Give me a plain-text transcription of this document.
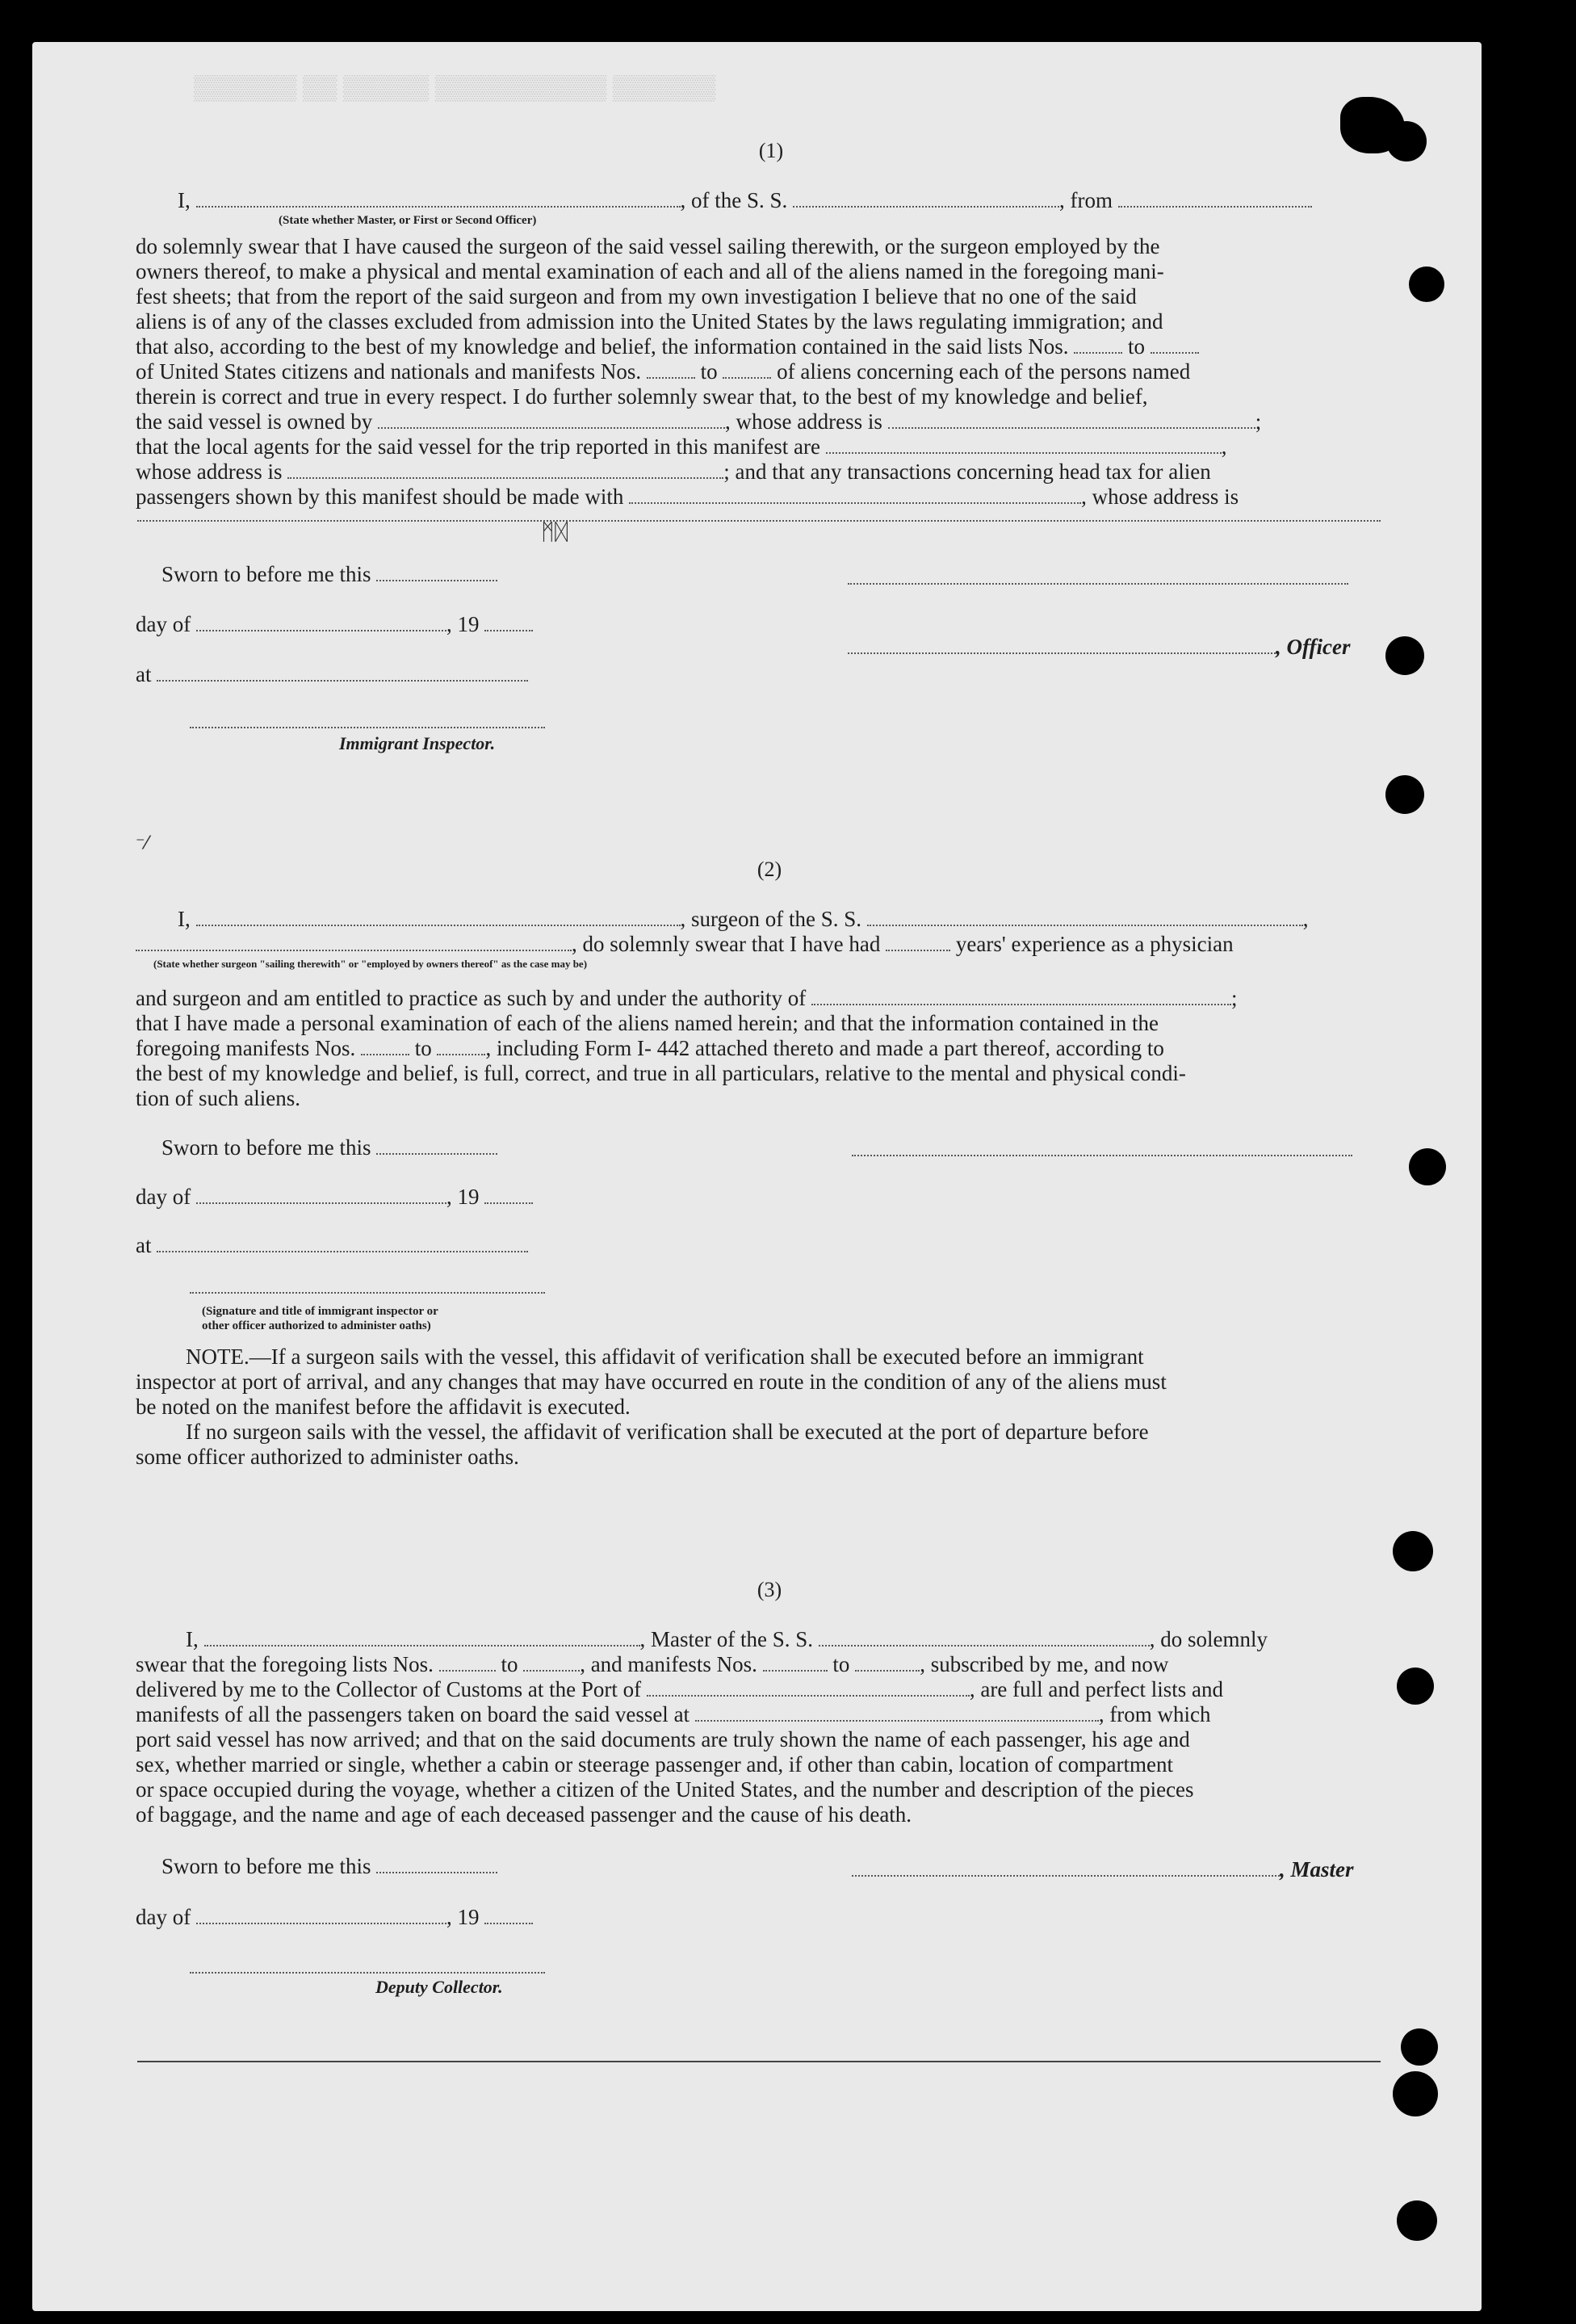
▒▒▒▒▒▒ ▒▒ ▒▒▒▒▒ ▒▒▒▒▒▒▒▒▒▒ ▒▒▒▒▒▒
(1)
I,	, of the S. S.	, from
(State whether Master, or First or Second Officer)
do solemnly swear that I have caused the surgeon of the said vessel sailing therewith, or the surgeon employed by the
owners thereof, to make a physical and mental examination of each and all of the aliens named in the foregoing mani-
fest sheets; that from the report of the said surgeon and from my own investigation I believe that no one of the said
aliens is of any of the classes excluded from admission into the United States by the laws regulating immigration; and
that also, according to the best of my knowledge and belief, the information contained in the said lists Nos.	to
of United States citizens and nationals and manifests Nos.	to	of aliens concerning each of the persons named
therein is correct and true in every respect. I do further solemnly swear that, to the best of my knowledge and belief,
the said vessel is owned by	, whose address is	;
that the local agents for the said vessel for the trip reported in this manifest are	,
whose address is	; and that any transactions concerning head tax for alien
passengers shown by this manifest should be made with	, whose address is
Sworn to before me this
day of	, 19
, Officer
at
Immigrant Inspector.
(2)
I,	, surgeon of the S. S.	,
, do solemnly swear that I have had	years' experience as a physician
(State whether surgeon "sailing therewith" or "employed by owners thereof" as the case may be)
and surgeon and am entitled to practice as such by and under the authority of	;
that I have made a personal examination of each of the aliens named herein; and that the information contained in the
foregoing manifests Nos.	to , including Form I- 442 attached thereto and made a part thereof, according to
the best of my knowledge and belief, is full, correct, and true in all particulars, relative to the mental and physical condi-
tion of such aliens.
Sworn to before me this
day of	, 19
at
(Signature and title of immigrant inspector or
other officer authorized to administer oaths)
NOTE.—If a surgeon sails with the vessel, this affidavit of verification shall be executed before an immigrant
inspector at port of arrival, and any changes that may have occurred en route in the condition of any of the aliens must
be noted on the manifest before the affidavit is executed.
If no surgeon sails with the vessel, the affidavit of verification shall be executed at the port of departure before
some officer authorized to administer oaths.
(3)
I,	, Master of the S. S.	, do solemnly
swear that the foregoing lists Nos.	to	, and manifests Nos.	to	, subscribed by me, and now
delivered by me to the Collector of Customs at the Port of	, are full and perfect lists and
manifests of all the passengers taken on board the said vessel at	, from which
port said vessel has now arrived; and that on the said documents are truly shown the name of each passenger, his age and
sex, whether married or single, whether a cabin or steerage passenger and, if other than cabin, location of compartment
or space occupied during the voyage, whether a citizen of the United States, and the number and description of the pieces
of baggage, and the name and age of each deceased passenger and the cause of his death.
Sworn to before me this	, Master
day of	, 19
Deputy Collector.
⁻⁄
ᛗᛞ
